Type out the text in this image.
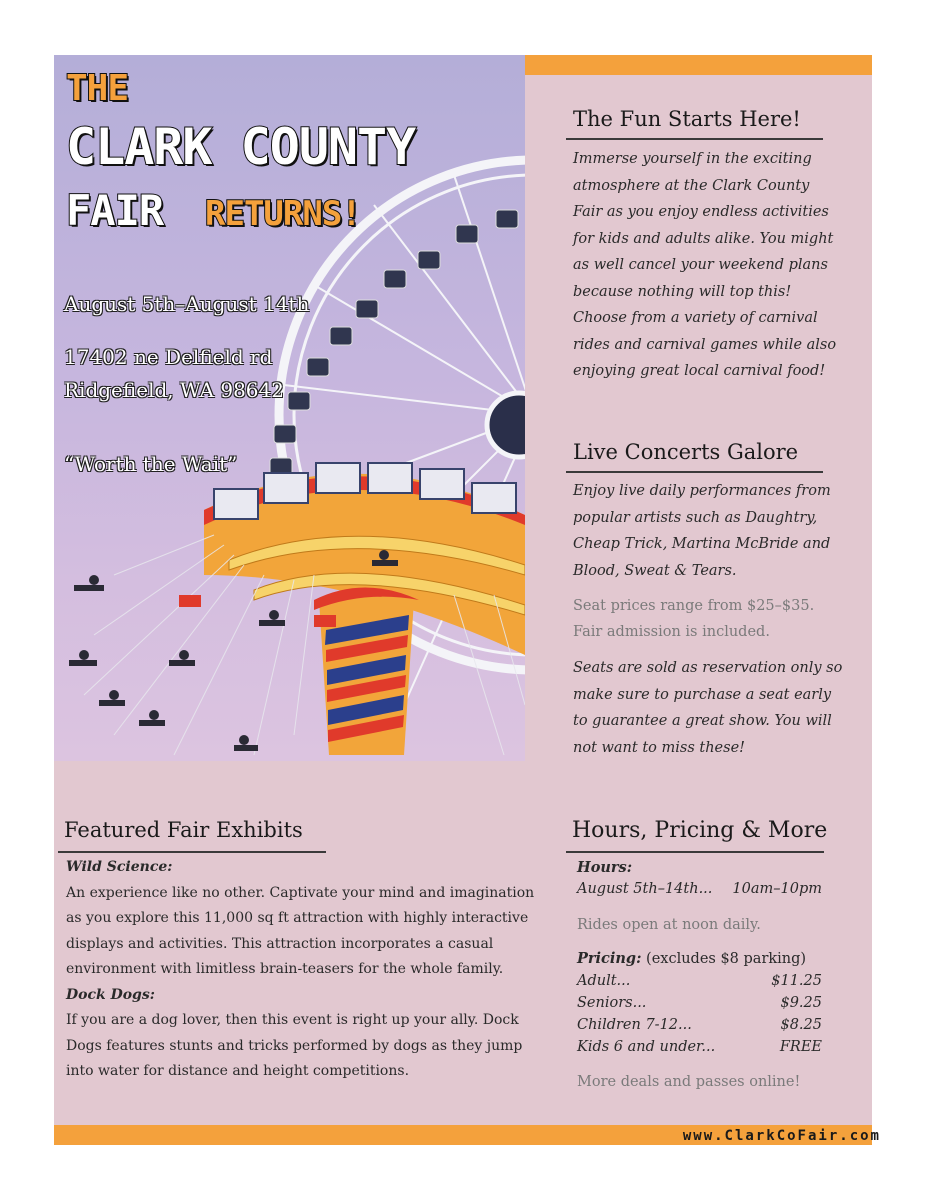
THE
CLARK COUNTY
FAIR RETURNS!
August 5th–August 14th
17402 ne Delfield rd
Ridgefield, WA 98642
“Worth the Wait”
The Fun Starts Here!
Immerse yourself in the exciting
atmosphere at the Clark County
Fair as you enjoy endless activities
for kids and adults alike. You might
as well cancel your weekend plans
because nothing will top this!
Choose from a variety of carnival
rides and carnival games while also
enjoying great local carnival food!
Live Concerts Galore
Enjoy live daily performances from
popular artists such as Daughtry,
Cheap Trick, Martina McBride and
Blood, Sweat & Tears.
Seat prices range from $25–$35.
Fair admission is included.
Seats are sold as reservation only so
make sure to purchase a seat early
to guarantee a great show. You will
not want to miss these!
Featured Fair Exhibits
Wild Science:
An experience like no other. Captivate your mind and imagination
as you explore this 11,000 sq ft attraction with highly interactive
displays and activities. This attraction incorporates a casual
environment with limitless brain-teasers for the whole family.
Dock Dogs:
If you are a dog lover, then this event is right up your ally. Dock
Dogs features stunts and tricks performed by dogs as they jump
into water for distance and height competitions.
Hours, Pricing & More
Hours:
August 5th–14th... 10am–10pm
Rides open at noon daily.
Pricing: (excludes $8 parking)
Adult...	$11.25
Seniors...	$9.25
Children 7-12...	$8.25
Kids 6 and under...	FREE
More deals and passes online!
www.ClarkCoFair.com
